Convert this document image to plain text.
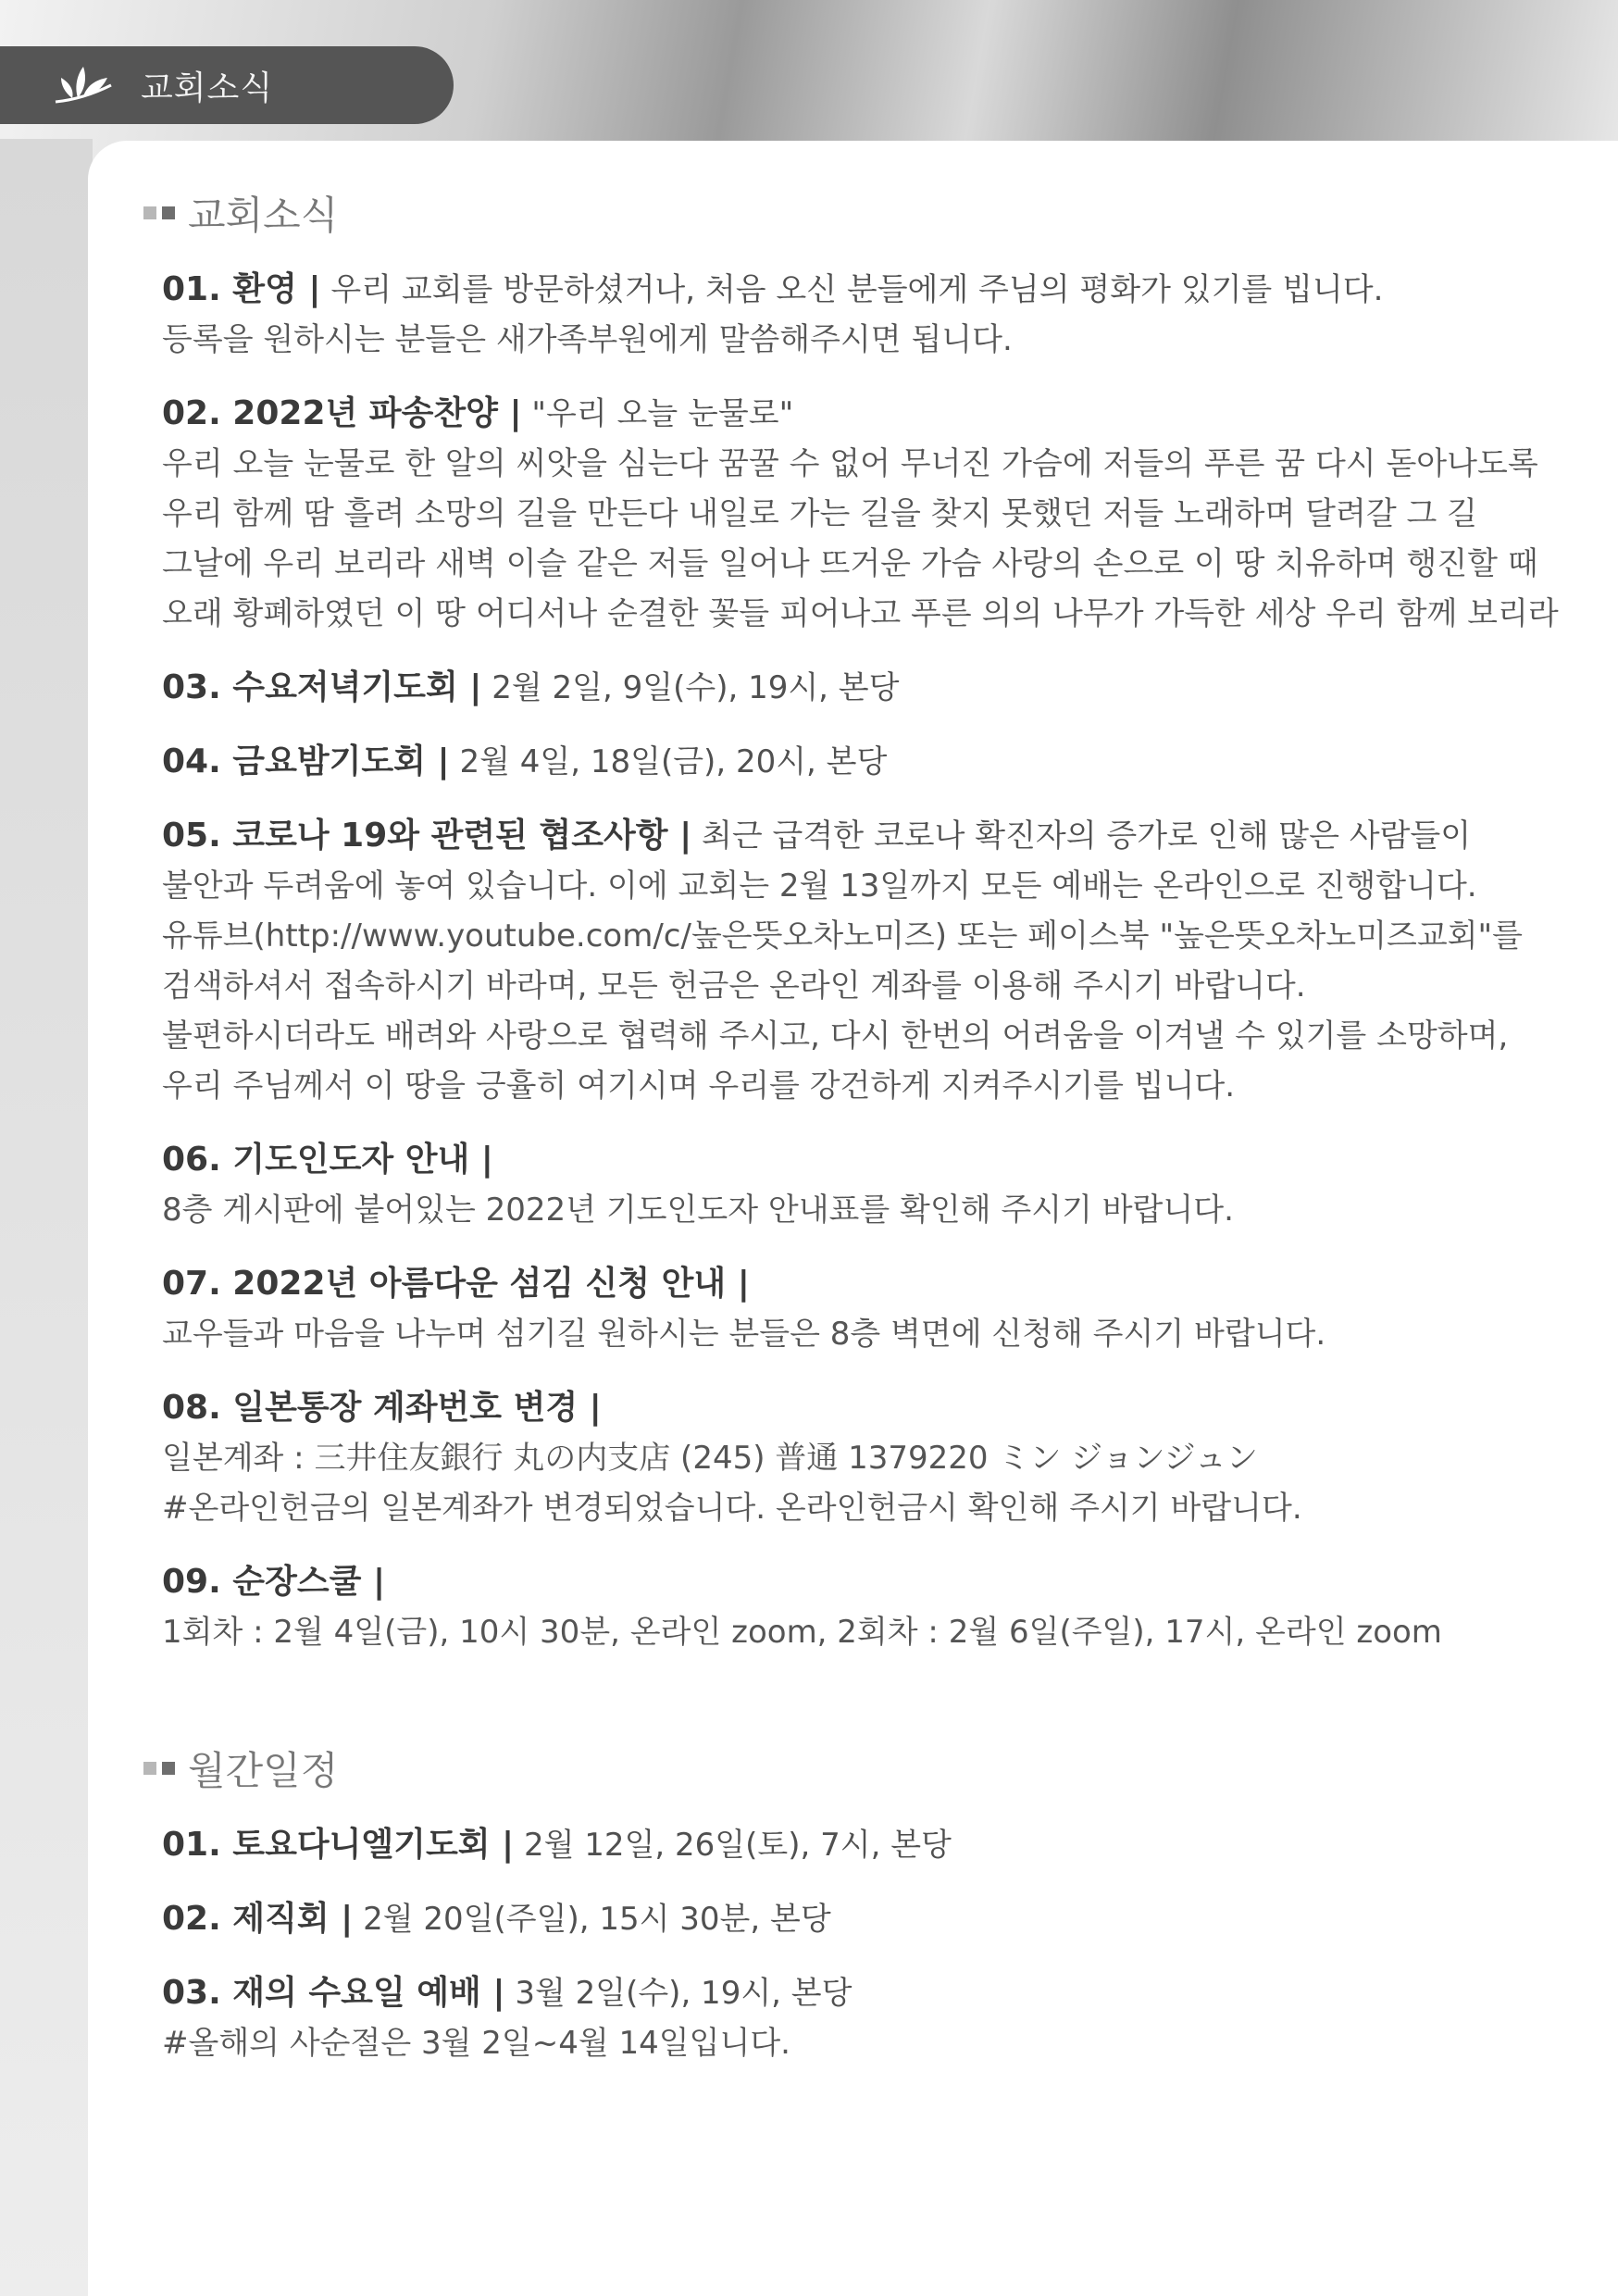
교회소식
교회소식
01. 환영 | 우리 교회를 방문하셨거나, 처음 오신 분들에게 주님의 평화가 있기를 빕니다.
등록을 원하시는 분들은 새가족부원에게 말씀해주시면 됩니다.
02. 2022년 파송찬양 | "우리 오늘 눈물로"
우리 오늘 눈물로 한 알의 씨앗을 심는다 꿈꿀 수 없어 무너진 가슴에 저들의 푸른 꿈 다시 돋아나도록
우리 함께 땀 흘려 소망의 길을 만든다 내일로 가는 길을 찾지 못했던 저들 노래하며 달려갈 그 길
그날에 우리 보리라 새벽 이슬 같은 저들 일어나 뜨거운 가슴 사랑의 손으로 이 땅 치유하며 행진할 때
오래 황폐하였던 이 땅 어디서나 순결한 꽃들 피어나고 푸른 의의 나무가 가득한 세상 우리 함께 보리라
03. 수요저녁기도회 | 2월 2일, 9일(수), 19시, 본당
04. 금요밤기도회 | 2월 4일, 18일(금), 20시, 본당
05. 코로나 19와 관련된 협조사항 | 최근 급격한 코로나 확진자의 증가로 인해 많은 사람들이
불안과 두려움에 놓여 있습니다. 이에 교회는 2월 13일까지 모든 예배는 온라인으로 진행합니다.
유튜브(http://www.youtube.com/c/높은뜻오차노미즈) 또는 페이스북 "높은뜻오차노미즈교회"를
검색하셔서 접속하시기 바라며, 모든 헌금은 온라인 계좌를 이용해 주시기 바랍니다.
불편하시더라도 배려와 사랑으로 협력해 주시고, 다시 한번의 어려움을 이겨낼 수 있기를 소망하며,
우리 주님께서 이 땅을 긍휼히 여기시며 우리를 강건하게 지켜주시기를 빕니다.
06. 기도인도자 안내 |
8층 게시판에 붙어있는 2022년 기도인도자 안내표를 확인해 주시기 바랍니다.
07. 2022년 아름다운 섬김 신청 안내 |
교우들과 마음을 나누며 섬기길 원하시는 분들은 8층 벽면에 신청해 주시기 바랍니다.
08. 일본통장 계좌번호 변경 |
일본계좌 : 三井住友銀行 丸の内支店 (245) 普通 1379220 ミン ジョンジュン
#온라인헌금의 일본계좌가 변경되었습니다. 온라인헌금시 확인해 주시기 바랍니다.
09. 순장스쿨 |
1회차 : 2월 4일(금), 10시 30분, 온라인 zoom, 2회차 : 2월 6일(주일), 17시, 온라인 zoom
월간일정
01. 토요다니엘기도회 | 2월 12일, 26일(토), 7시, 본당
02. 제직회 | 2월 20일(주일), 15시 30분, 본당
03. 재의 수요일 예배 | 3월 2일(수), 19시, 본당
#올해의 사순절은 3월 2일~4월 14일입니다.
